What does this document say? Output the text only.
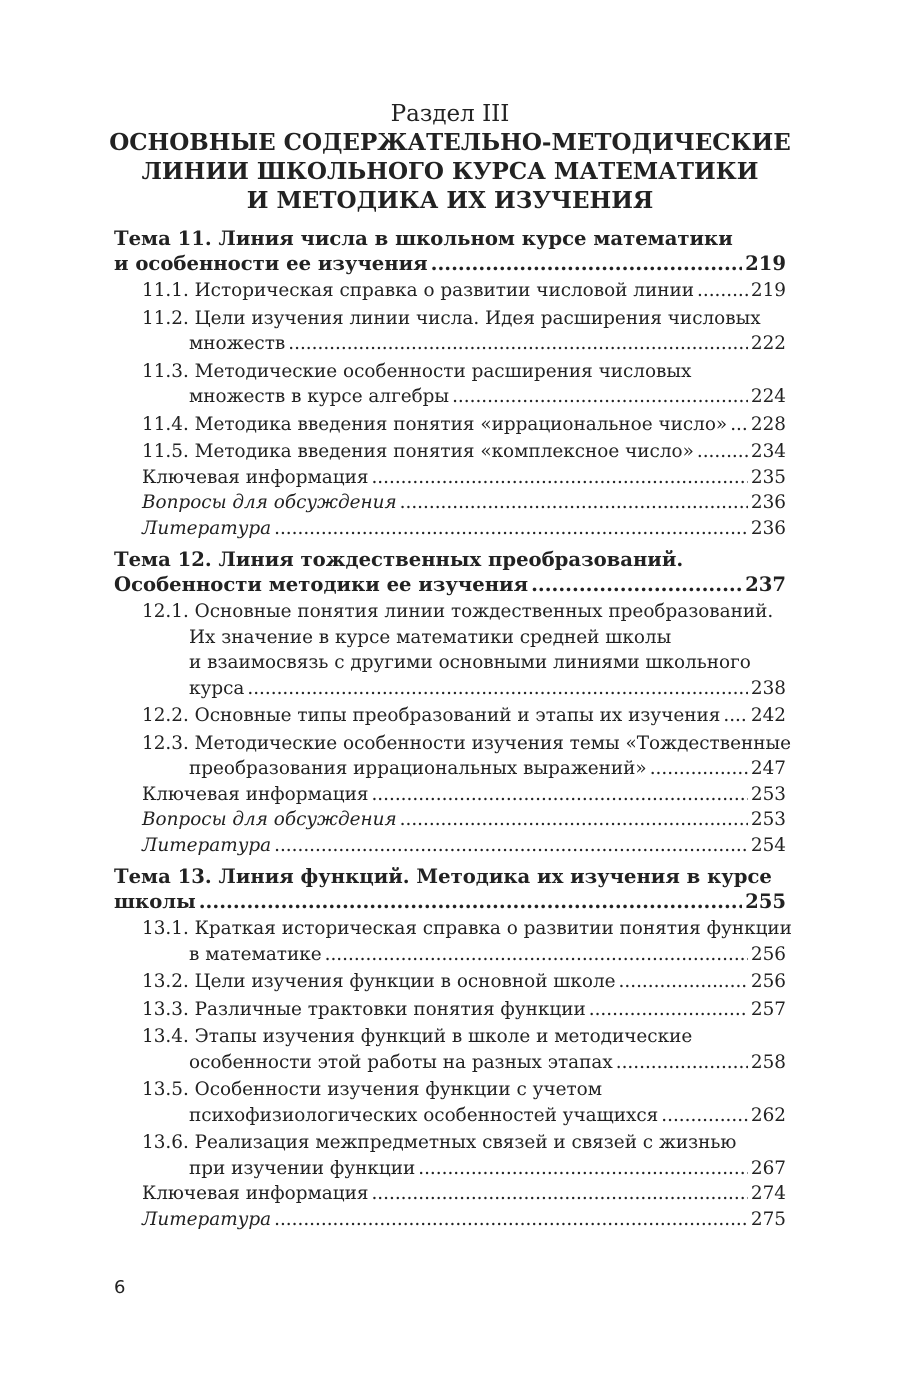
Раздел III
ОСНОВНЫЕ СОДЕРЖАТЕЛЬНО-МЕТОДИЧЕСКИЕ
ЛИНИИ ШКОЛЬНОГО КУРСА МАТЕМАТИКИ
И МЕТОДИКА ИХ ИЗУЧЕНИЯ
Тема 11. Линия числа в школьном курсе математики
и особенности ее изучения .....	219
11.1. Историческая справка о развитии числовой линии .....	219
11.2. Цели изучения линии числа. Идея расширения числовых
множеств .....	222
11.3. Методические особенности расширения числовых
множеств в курсе алгебры .....	224
11.4. Методика введения понятия «иррациональное число» ..... 228
11.5. Методика введения понятия «комплексное число» .....	234
Ключевая информация .....	235
Вопросы для обсуждения .....	236
Литература .....	236
Тема 12. Линия тождественных преобразований.
Особенности методики ее изучения .....	237
12.1. Основные понятия линии тождественных преобразований.
Их значение в курсе математики средней школы
и взаимосвязь с другими основными линиями школьного
курса .....	238
12.2. Основные типы преобразований и этапы их изучения ..... 242
12.3. Методические особенности изучения темы «Тождественные
преобразования иррациональных выражений» .....	247
Ключевая информация .....	253
Вопросы для обсуждения .....	253
Литература .....	254
Тема 13. Линия функций. Методика их изучения в курсе
школы .....	255
13.1. Краткая историческая справка о развитии понятия функции
в математике .....	256
13.2. Цели изучения функции в основной школе .....	256
13.3. Различные трактовки понятия функции .....	257
13.4. Этапы изучения функций в школе и методические
особенности этой работы на разных этапах .....	258
13.5. Особенности изучения функции с учетом
психофизиологических особенностей учащихся .....	262
13.6. Реализация межпредметных связей и связей с жизнью
при изучении функции .....	267
Ключевая информация .....	274
Литература .....	275
6
